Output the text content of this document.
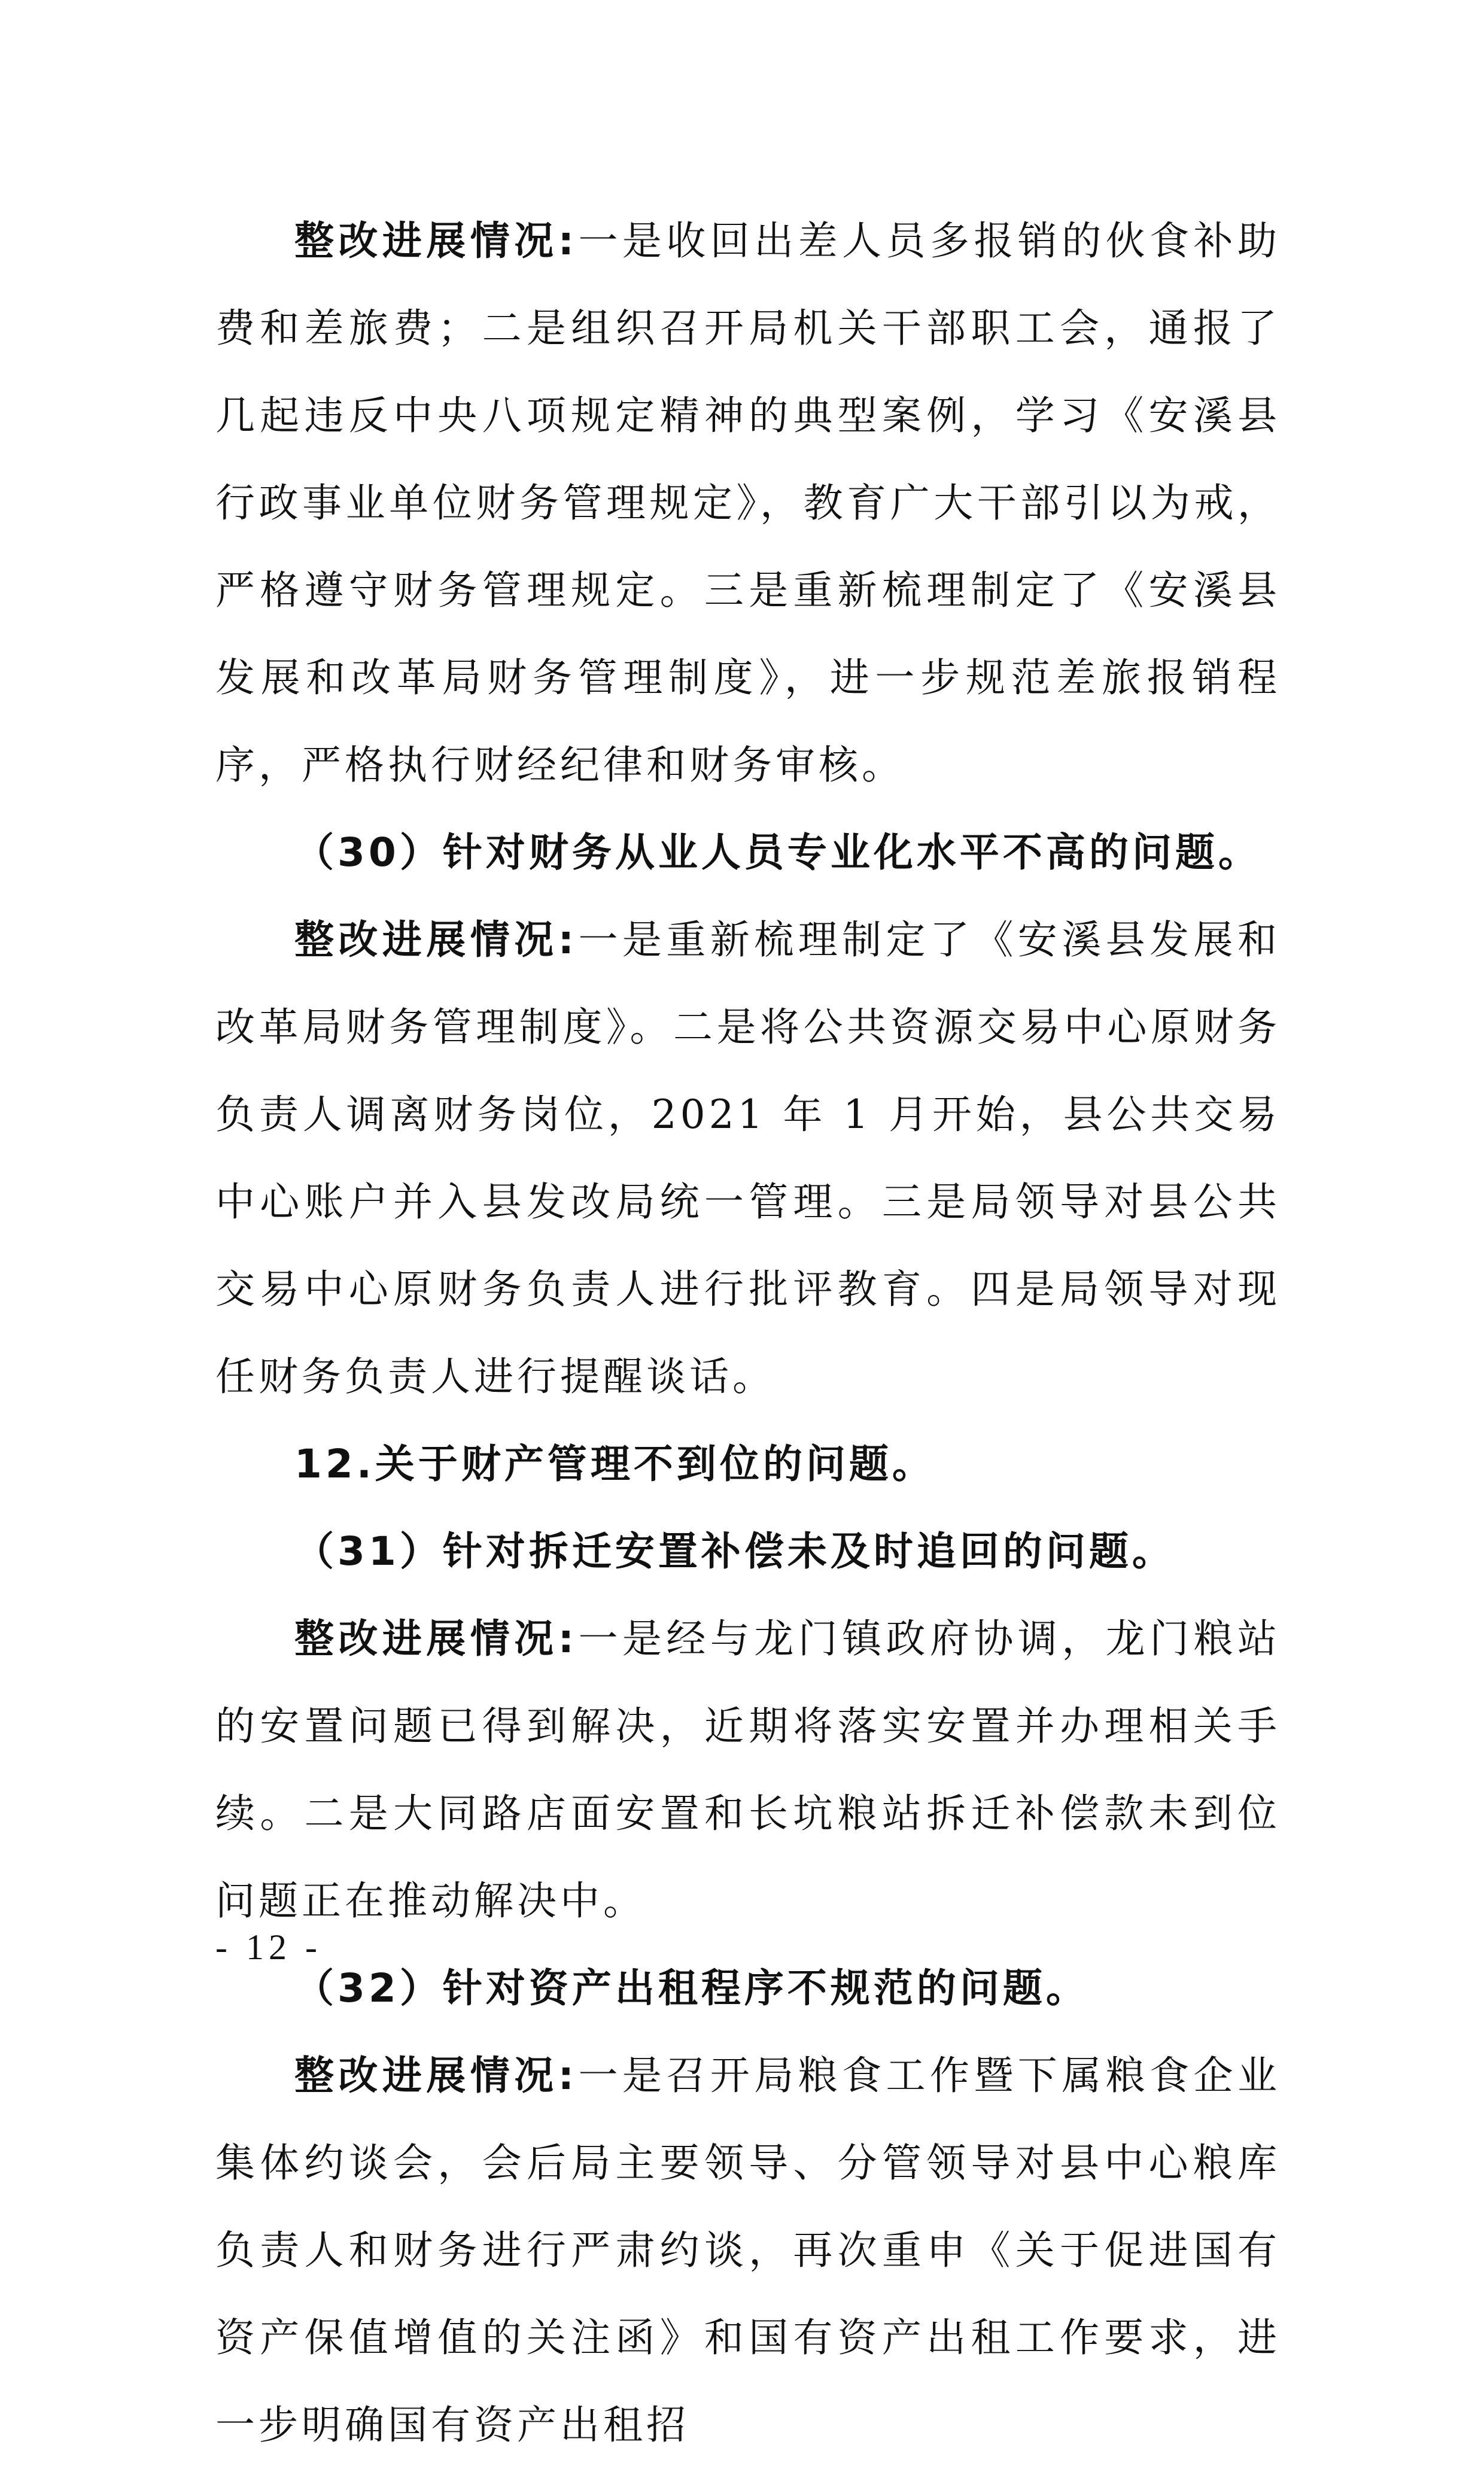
整改进展情况:一是收回出差人员多报销的伙食补助费和差旅费；二是组织召开局机关干部职工会，通报了几起违反中央八项规定精神的典型案例，学习《安溪县行政事业单位财务管理规定》，教育广大干部引以为戒，严格遵守财务管理规定。三是重新梳理制定了《安溪县发展和改革局财务管理制度》，进一步规范差旅报销程序，严格执行财经纪律和财务审核。

（30）针对财务从业人员专业化水平不高的问题。

整改进展情况:一是重新梳理制定了《安溪县发展和改革局财务管理制度》。二是将公共资源交易中心原财务负责人调离财务岗位，2021 年 1 月开始，县公共交易中心账户并入县发改局统一管理。三是局领导对县公共交易中心原财务负责人进行批评教育。四是局领导对现任财务负责人进行提醒谈话。

12.关于财产管理不到位的问题。

（31）针对拆迁安置补偿未及时追回的问题。

整改进展情况:一是经与龙门镇政府协调，龙门粮站的安置问题已得到解决，近期将落实安置并办理相关手续。二是大同路店面安置和长坑粮站拆迁补偿款未到位问题正在推动解决中。

（32）针对资产出租程序不规范的问题。

整改进展情况:一是召开局粮食工作暨下属粮食企业集体约谈会，会后局主要领导、分管领导对县中心粮库负责人和财务进行严肃约谈，再次重申《关于促进国有资产保值增值的关注函》和国有资产出租工作要求，进一步明确国有资产出租招

- 12 -
